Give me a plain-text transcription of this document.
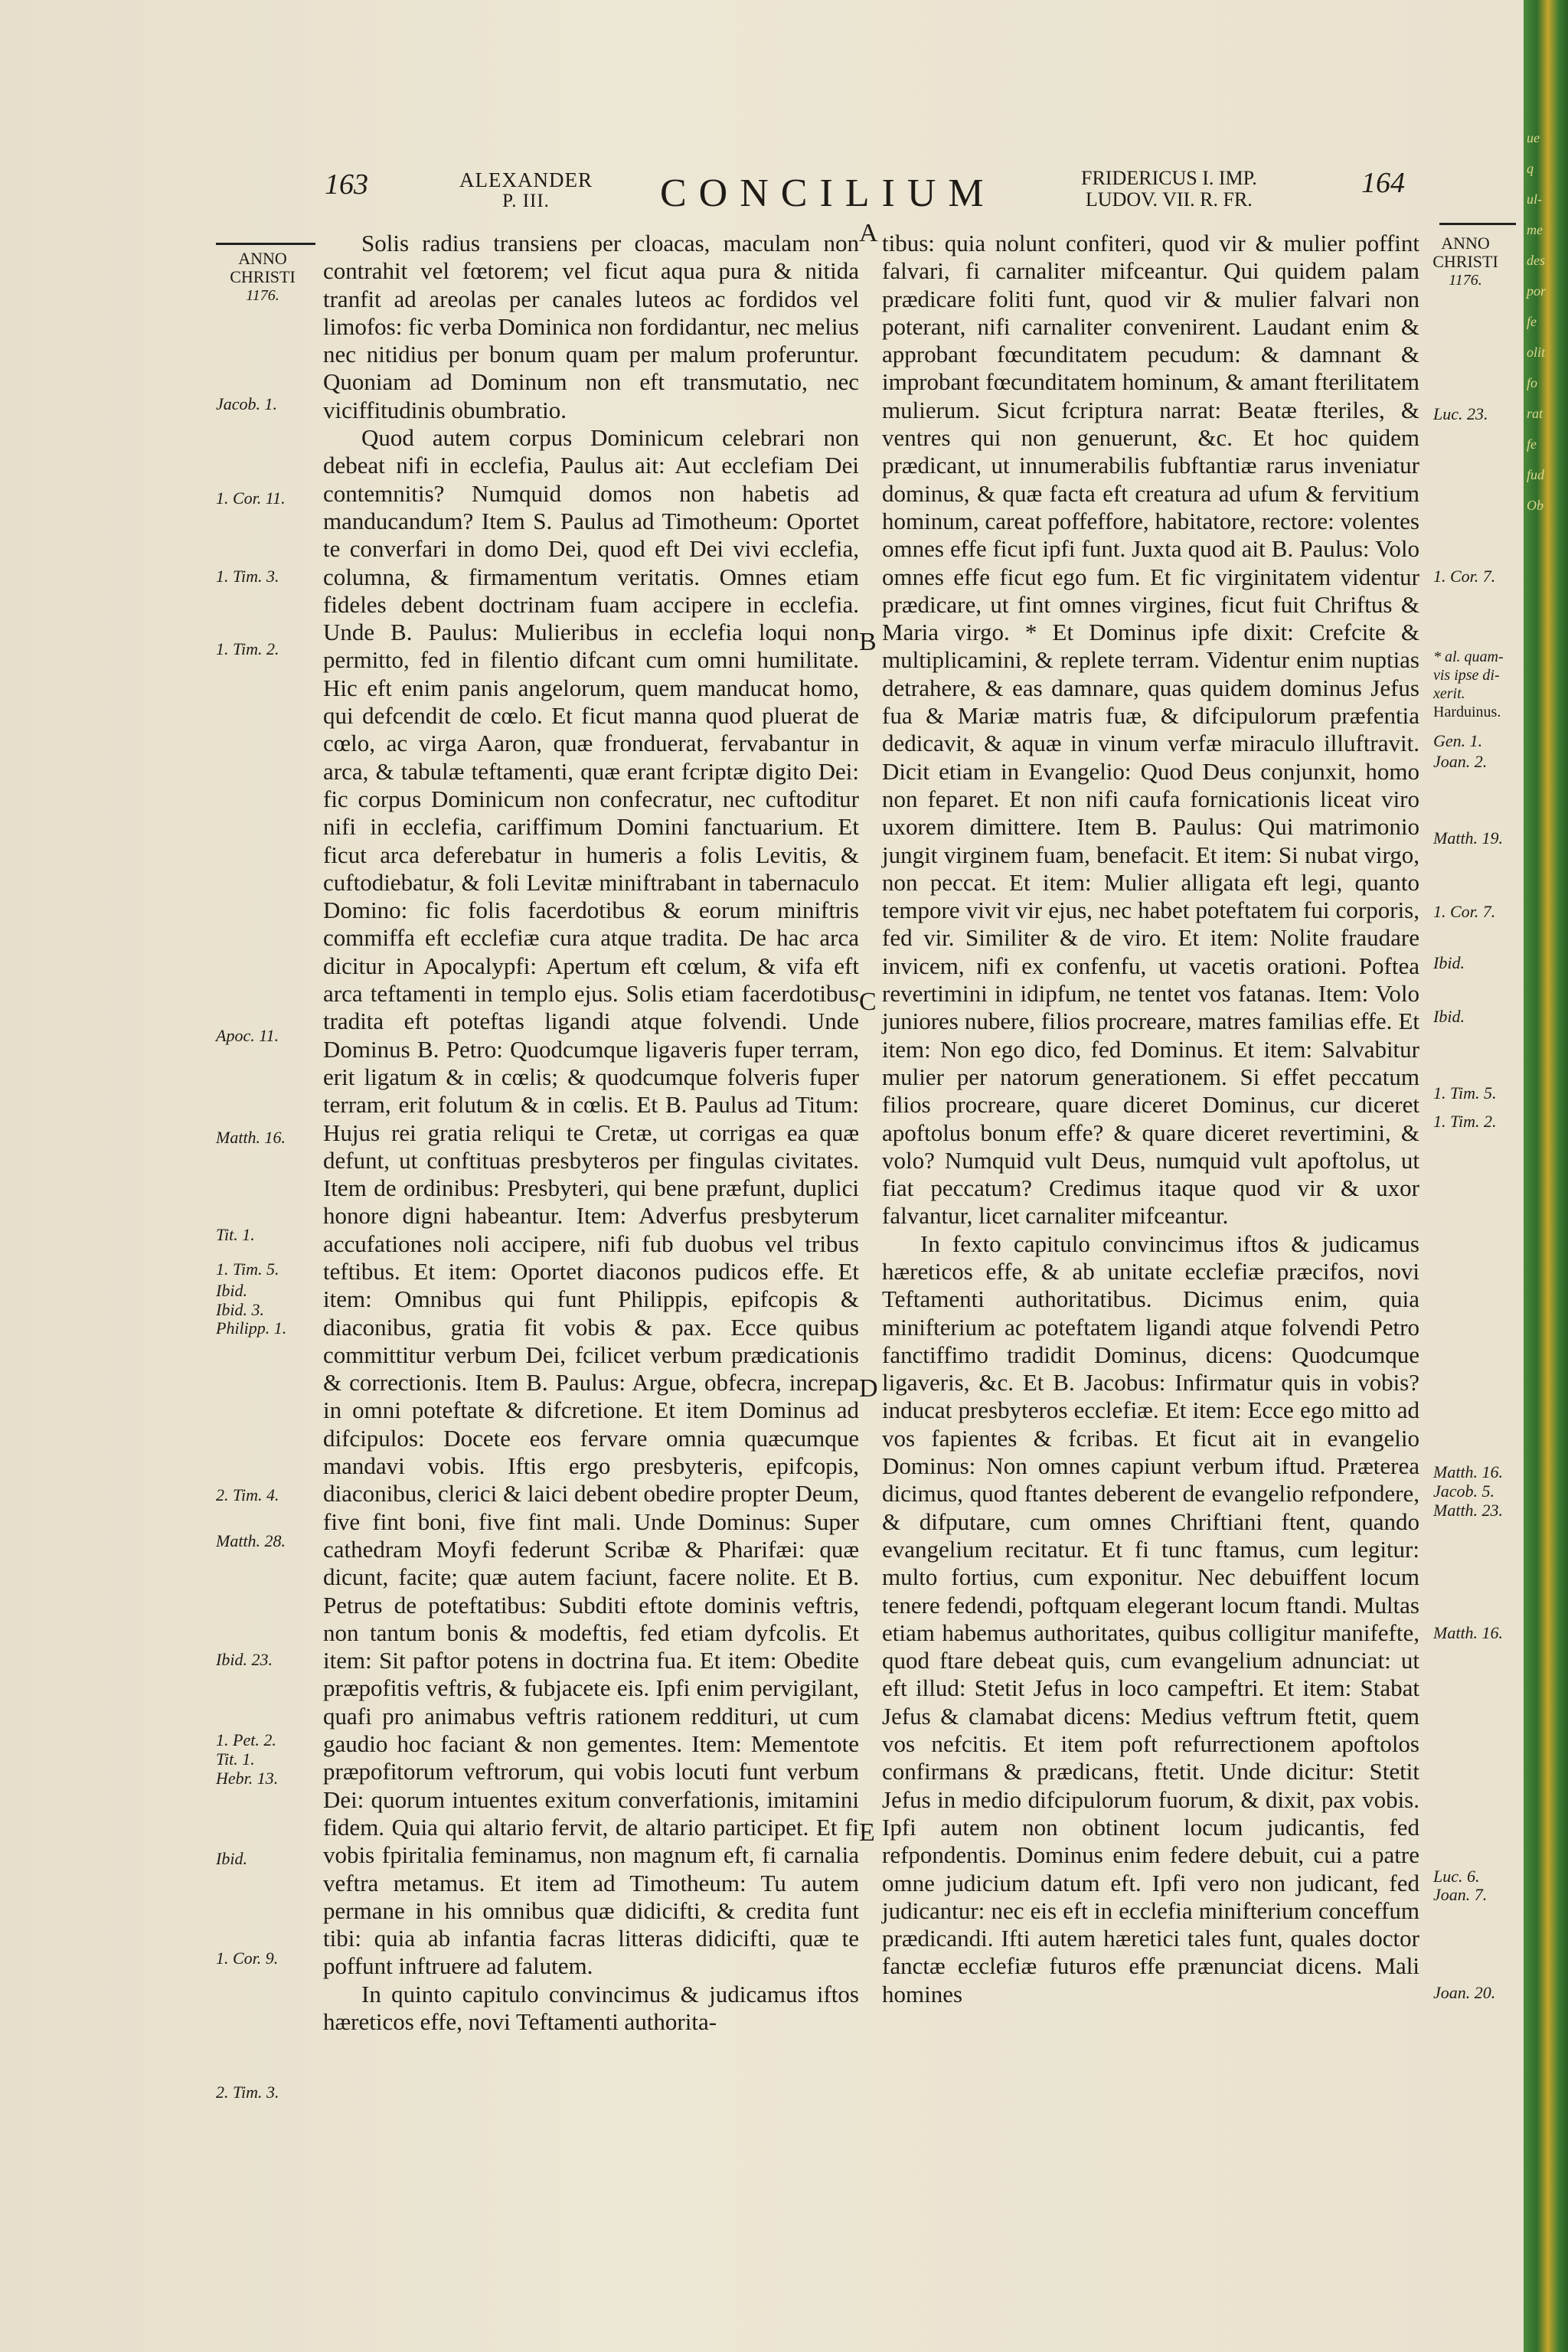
163	ALEXANDER
P. III.	CONCILIUM	FRIDERICUS I. IMP.
LUDOV. VII. R. FR.
164
ANNO
CHRISTI
1176.
Jacob. 1.
1. Cor. 11.
1. Tim. 3.
1. Tim. 2.
Apoc. 11.
Matth. 16.
Tit. 1.
1. Tim. 5.
Ibid.
Ibid. 3.
Philipp. 1.
2. Tim. 4.
Matth. 28.
Ibid. 23.
1. Pet. 2.
Tit. 1.
Hebr. 13.
Ibid.
1. Cor. 9.
2. Tim. 3.
ANNO
CHRISTI
1176.
Luc. 23.
1. Cor. 7.
Gen. 1.
Joan. 2.
Matth. 19.
1. Cor. 7.
Ibid.
Ibid.
1. Tim. 5.
1. Tim. 2.
Matth. 16.
Jacob. 5.
Matth. 23.
Matth. 16.
Luc. 6.
Joan. 7.
Joan. 20.
* al. quam-
vis ipse di-
xerit.
Harduinus.
A
B
C
D
E

Solis radius transiens per cloacas, maculam non contrahit vel fœtorem; vel ficut aqua pura & nitida tranfit ad areolas per canales luteos ac fordidos vel limofos: fic verba Dominica non fordidantur, nec melius nec nitidius per bonum quam per malum proferuntur. Quoniam ad Dominum non eft transmutatio, nec viciffitudinis obumbratio.

Quod autem corpus Dominicum celebrari non debeat nifi in ecclefia, Paulus ait: Aut ecclefiam Dei contemnitis? Numquid domos non habetis ad manducandum? Item S. Paulus ad Timotheum: Oportet te converfari in domo Dei, quod eft Dei vivi ecclefia, columna, & firmamentum veritatis. Omnes etiam fideles debent doctrinam fuam accipere in ecclefia. Unde B. Paulus: Mulieribus in ecclefia loqui non permitto, fed in filentio difcant cum omni humilitate. Hic eft enim panis angelorum, quem manducat homo, qui defcendit de cœlo. Et ficut manna quod pluerat de cœlo, ac virga Aaron, quæ fronduerat, fervabantur in arca, & tabulæ teftamenti, quæ erant fcriptæ digito Dei: fic corpus Dominicum non confecratur, nec cuftoditur nifi in ecclefia, cariffimum Domini fanctuarium. Et ficut arca deferebatur in humeris a folis Levitis, & cuftodiebatur, & foli Levitæ miniftrabant in tabernaculo Domino: fic folis facerdotibus & eorum miniftris commiffa eft ecclefiæ cura atque tradita. De hac arca dicitur in Apocalypfi: Apertum eft cœlum, & vifa eft arca teftamenti in templo ejus. Solis etiam facerdotibus tradita eft poteftas ligandi atque folvendi. Unde Dominus B. Petro: Quodcumque ligaveris fuper terram, erit ligatum & in cœlis; & quodcumque folveris fuper terram, erit folutum & in cœlis. Et B. Paulus ad Titum: Hujus rei gratia reliqui te Cretæ, ut corrigas ea quæ defunt, ut conftituas presbyteros per fingulas civitates. Item de ordinibus: Presbyteri, qui bene præfunt, duplici honore digni habeantur. Item: Adverfus presbyterum accufationes noli accipere, nifi fub duobus vel tribus teftibus. Et item: Oportet diaconos pudicos effe. Et item: Omnibus qui funt Philippis, epifcopis & diaconibus, gratia fit vobis & pax. Ecce quibus committitur verbum Dei, fcilicet verbum prædicationis & correctionis. Item B. Paulus: Argue, obfecra, increpa in omni poteftate & difcretione. Et item Dominus ad difcipulos: Docete eos fervare omnia quæcumque mandavi vobis. Iftis ergo presbyteris, epifcopis, diaconibus, clerici & laici debent obedire propter Deum, five fint boni, five fint mali. Unde Dominus: Super cathedram Moyfi federunt Scribæ & Pharifæi: quæ dicunt, facite; quæ autem faciunt, facere nolite. Et B. Petrus de poteftatibus: Subditi eftote dominis veftris, non tantum bonis & modeftis, fed etiam dyfcolis. Et item: Sit paftor potens in doctrina fua. Et item: Obedite præpofitis veftris, & fubjacete eis. Ipfi enim pervigilant, quafi pro animabus veftris rationem reddituri, ut cum gaudio hoc faciant & non gementes. Item: Mementote præpofitorum veftrorum, qui vobis locuti funt verbum Dei: quorum intuentes exitum converfationis, imitamini fidem. Quia qui altario fervit, de altario participet. Et fi vobis fpiritalia feminamus, non magnum eft, fi carnalia veftra metamus. Et item ad Timotheum: Tu autem permane in his omnibus quæ didicifti, & credita funt tibi: quia ab infantia facras litteras didicifti, quæ te poffunt inftruere ad falutem.

In quinto capitulo convincimus & judicamus iftos hæreticos effe, novi Teftamenti authorita-

tibus: quia nolunt confiteri, quod vir & mulier poffint falvari, fi carnaliter mifceantur. Qui quidem palam prædicare foliti funt, quod vir & mulier falvari non poterant, nifi carnaliter convenirent. Laudant enim & approbant fœcunditatem pecudum: & damnant & improbant fœcunditatem hominum, & amant fterilitatem mulierum. Sicut fcriptura narrat: Beatæ fteriles, & ventres qui non genuerunt, &c. Et hoc quidem prædicant, ut innumerabilis fubftantiæ rarus inveniatur dominus, & quæ facta eft creatura ad ufum & fervitium hominum, careat poffeffore, habitatore, rectore: volentes omnes effe ficut ipfi funt. Juxta quod ait B. Paulus: Volo omnes effe ficut ego fum. Et fic virginitatem videntur prædicare, ut fint omnes virgines, ficut fuit Chriftus & Maria virgo. * Et Dominus ipfe dixit: Crefcite & multiplicamini, & replete terram. Videntur enim nuptias detrahere, & eas damnare, quas quidem dominus Jefus fua & Mariæ matris fuæ, & difcipulorum præfentia dedicavit, & aquæ in vinum verfæ miraculo illuftravit. Dicit etiam in Evangelio: Quod Deus conjunxit, homo non feparet. Et non nifi caufa fornicationis liceat viro uxorem dimittere. Item B. Paulus: Qui matrimonio jungit virginem fuam, benefacit. Et item: Si nubat virgo, non peccat. Et item: Mulier alligata eft legi, quanto tempore vivit vir ejus, nec habet poteftatem fui corporis, fed vir. Similiter & de viro. Et item: Nolite fraudare invicem, nifi ex confenfu, ut vacetis orationi. Poftea revertimini in idipfum, ne tentet vos fatanas. Item: Volo juniores nubere, filios procreare, matres familias effe. Et item: Non ego dico, fed Dominus. Et item: Salvabitur mulier per natorum generationem. Si effet peccatum filios procreare, quare diceret Dominus, cur diceret apoftolus bonum effe? & quare diceret revertimini, & volo? Numquid vult Deus, numquid vult apoftolus, ut fiat peccatum? Credimus itaque quod vir & uxor falvantur, licet carnaliter mifceantur.

In fexto capitulo convincimus iftos & judicamus hæreticos effe, & ab unitate ecclefiæ præcifos, novi Teftamenti authoritatibus. Dicimus enim, quia minifterium ac poteftatem ligandi atque folvendi Petro fanctiffimo tradidit Dominus, dicens: Quodcumque ligaveris, &c. Et B. Jacobus: Infirmatur quis in vobis? inducat presbyteros ecclefiæ. Et item: Ecce ego mitto ad vos fapientes & fcribas. Et ficut ait in evangelio Dominus: Non omnes capiunt verbum iftud. Præterea dicimus, quod ftantes deberent de evangelio refpondere, & difputare, cum omnes Chriftiani ftent, quando evangelium recitatur. Et fi tunc ftamus, cum legitur: multo fortius, cum exponitur. Nec debuiffent locum tenere fedendi, poftquam elegerant locum ftandi. Multas etiam habemus authoritates, quibus colligitur manifefte, quod ftare debeat quis, cum evangelium adnunciat: ut eft illud: Stetit Jefus in loco campeftri. Et item: Stabat Jefus & clamabat dicens: Medius veftrum ftetit, quem vos nefcitis. Et item poft refurrectionem apoftolos confirmans & prædicans, ftetit. Unde dicitur: Stetit Jefus in medio difcipulorum fuorum, & dixit, pax vobis. Ipfi autem non obtinent locum judicantis, fed refpondentis. Dominus enim federe debuit, cui a patre omne judicium datum eft. Ipfi vero non judicant, fed judicantur: nec eis eft in ecclefia minifterium conceffum prædicandi. Ifti autem hæretici tales funt, quales doctor fanctæ ecclefiæ futuros effe prænunciat dicens. Mali homines

ue
q
ul-
me
des
por
fe
olit
fo
rat
fe
fud
Ob
